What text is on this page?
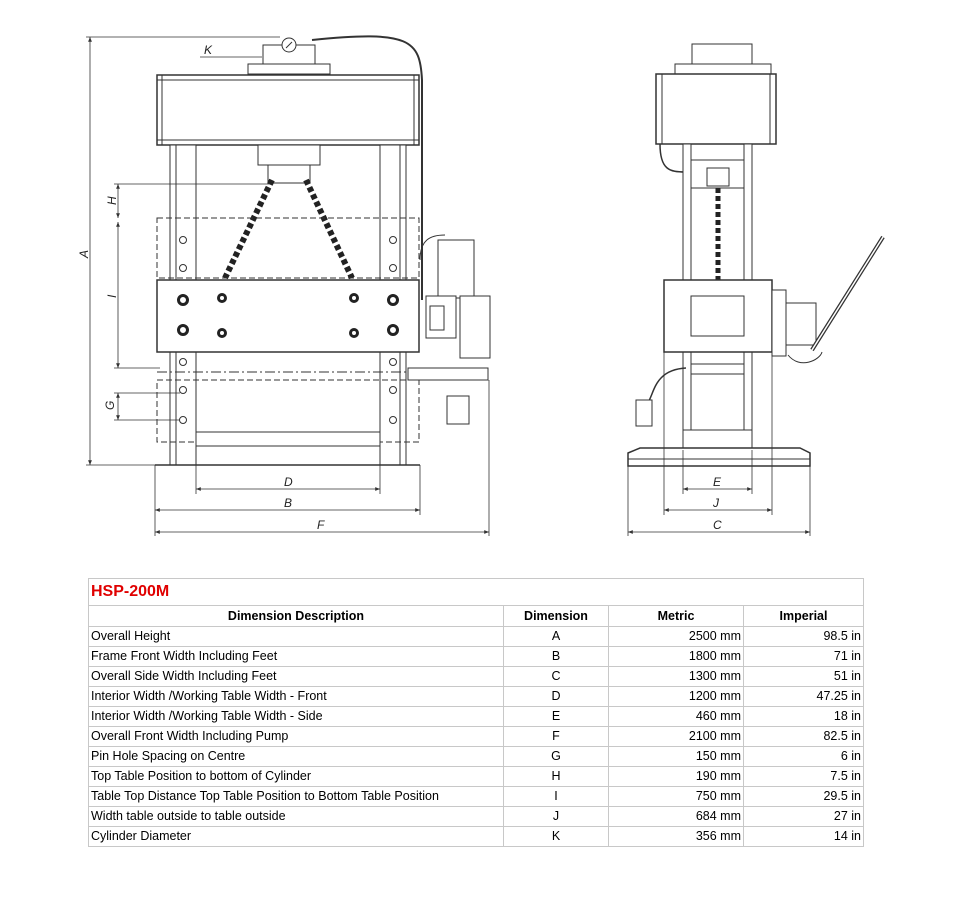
K
A
H
I
G
D
B
F
E
J
C
HSP-200M			
Dimension Description	Dimension	Metric	Imperial
Overall Height	A	2500 mm	98.5 in
Frame Front Width Including Feet	B	1800 mm	71 in
Overall Side Width Including Feet	C	1300 mm	51 in
Interior Width /Working Table Width - Front	D	1200 mm	47.25 in
Interior Width /Working Table Width - Side	E	460 mm	18 in
Overall Front Width Including Pump	F	2100 mm	82.5 in
Pin Hole Spacing on Centre	G	150 mm	6 in
Top Table Position to bottom of Cylinder	H	190 mm	7.5 in
Table Top Distance Top Table Position to Bottom Table Position	I	750 mm	29.5 in
Width table outside to table outside	J	684 mm	27 in
Cylinder Diameter	K	356 mm	14 in
